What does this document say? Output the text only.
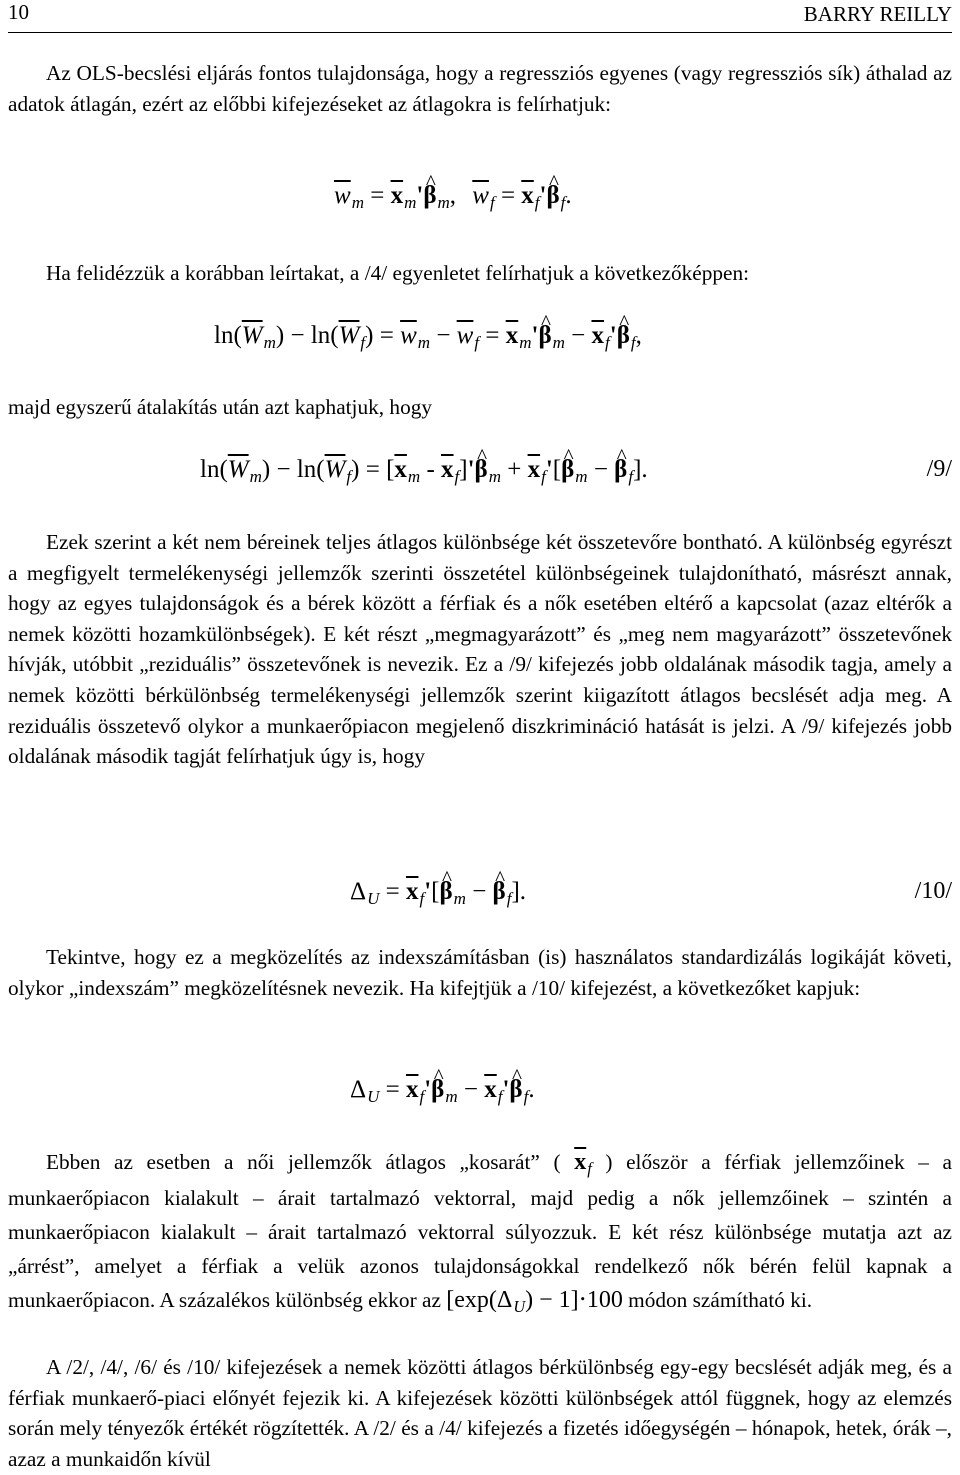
10	BARRY REILLY

Az OLS-becslési eljárás fontos tulajdonsága, hogy a regressziós egyenes (vagy regressziós sík) áthalad az adatok átlagán, ezért az előbbi kifejezéseket az átlagokra is felírhatjuk:

$\overline{w}_m$ = $\overline{x}_m'\^{}$ $\beta_m$, $\overline{w}_f$ = $\overline{x}_f'\^{}$ $\beta_f$.

Ha felidézzük a korábban leírtakat, a /4/ egyenletet felírhatjuk a következőképpen:

$\ln(\overline{W}_m) - \ln(\overline{W}_f) = \overline{w}_m - \overline{w}_f$ = $\overline{x}_m'\^{}$ $\beta_m$ − $\overline{x}_f'\^{}$ $\beta_f$,

majd egyszerű átalakítás után azt kaphatjuk, hogy

$\ln(\overline{W}_m) - \ln(\overline{W}_f) = [\overline{x}_m$ - $\overline{x}_f]'\^{}$ $\beta_m$ + $\overline{x}_f'[\^{}$ $\beta_m$ − ^ $\beta_f$].	/9/

Ezek szerint a két nem béreinek teljes átlagos különbsége két összetevőre bontható. A különbség egyrészt a megfigyelt termelékenységi jellemzők szerinti összetétel különbségeinek tulajdonítható, másrészt annak, hogy az egyes tulajdonságok és a bérek között a férfiak és a nők esetében eltérő a kapcsolat (azaz eltérők a nemek közötti hozamkülönbségek). E két részt „megmagyarázott” és „meg nem magyarázott” összetevőnek hívják, utóbbit „reziduális” összetevőnek is nevezik. Ez a /9/ kifejezés jobb oldalának második tagja, amely a nemek közötti bérkülönbség termelékenységi jellemzők szerint kiigazított átlagos becslését adja meg. A reziduális összetevő olykor a munkaerőpiacon megjelenő diszkrimináció hatását is jelzi. A /9/ kifejezés jobb oldalának második tagját felírhatjuk úgy is, hogy

$\Delta_U$ = $\overline{x}_f'[\^{}$ $\beta_m$ − ^ $\beta_f$].	/10/

Tekintve, hogy ez a megközelítés az indexszámításban (is) használatos standardizálás logikáját követi, olykor „indexszám” megközelítésnek nevezik. Ha kifejtjük a /10/ kifejezést, a következőket kapjuk:

$\Delta_U$ = $\overline{x}_f'\^{}$ $\beta_m$ − $\overline{x}_f'\^{}$ $\beta_f$.

Ebben az esetben a női jellemzők átlagos „kosarát” ( $\overline{x}_f$ ) először a férfiak jellemzőinek – a munkaerőpiacon kialakult – árait tartalmazó vektorral, majd pedig a nők jellemzőinek – szintén a munkaerőpiacon kialakult – árait tartalmazó vektorral súlyozzuk. E két rész különbsége mutatja azt az „árrést”, amelyet a férfiak a velük azonos tulajdonságokkal rendelkező nők bérén felül kapnak a munkaerőpiacon. A százalékos különbség ekkor az $[\exp(\Delta_U) - 1]\cdot 100$ módon számítható ki.

A /2/, /4/, /6/ és /10/ kifejezések a nemek közötti átlagos bérkülönbség egy-egy becslését adják meg, és a férfiak munkaerő-piaci előnyét fejezik ki. A kifejezések közötti különbségek attól függnek, hogy az elemzés során mely tényezők értékét rögzítették. A /2/ és a /4/ kifejezés a fizetés időegységén – hónapok, hetek, órák –, azaz a munkaidőn kívül
